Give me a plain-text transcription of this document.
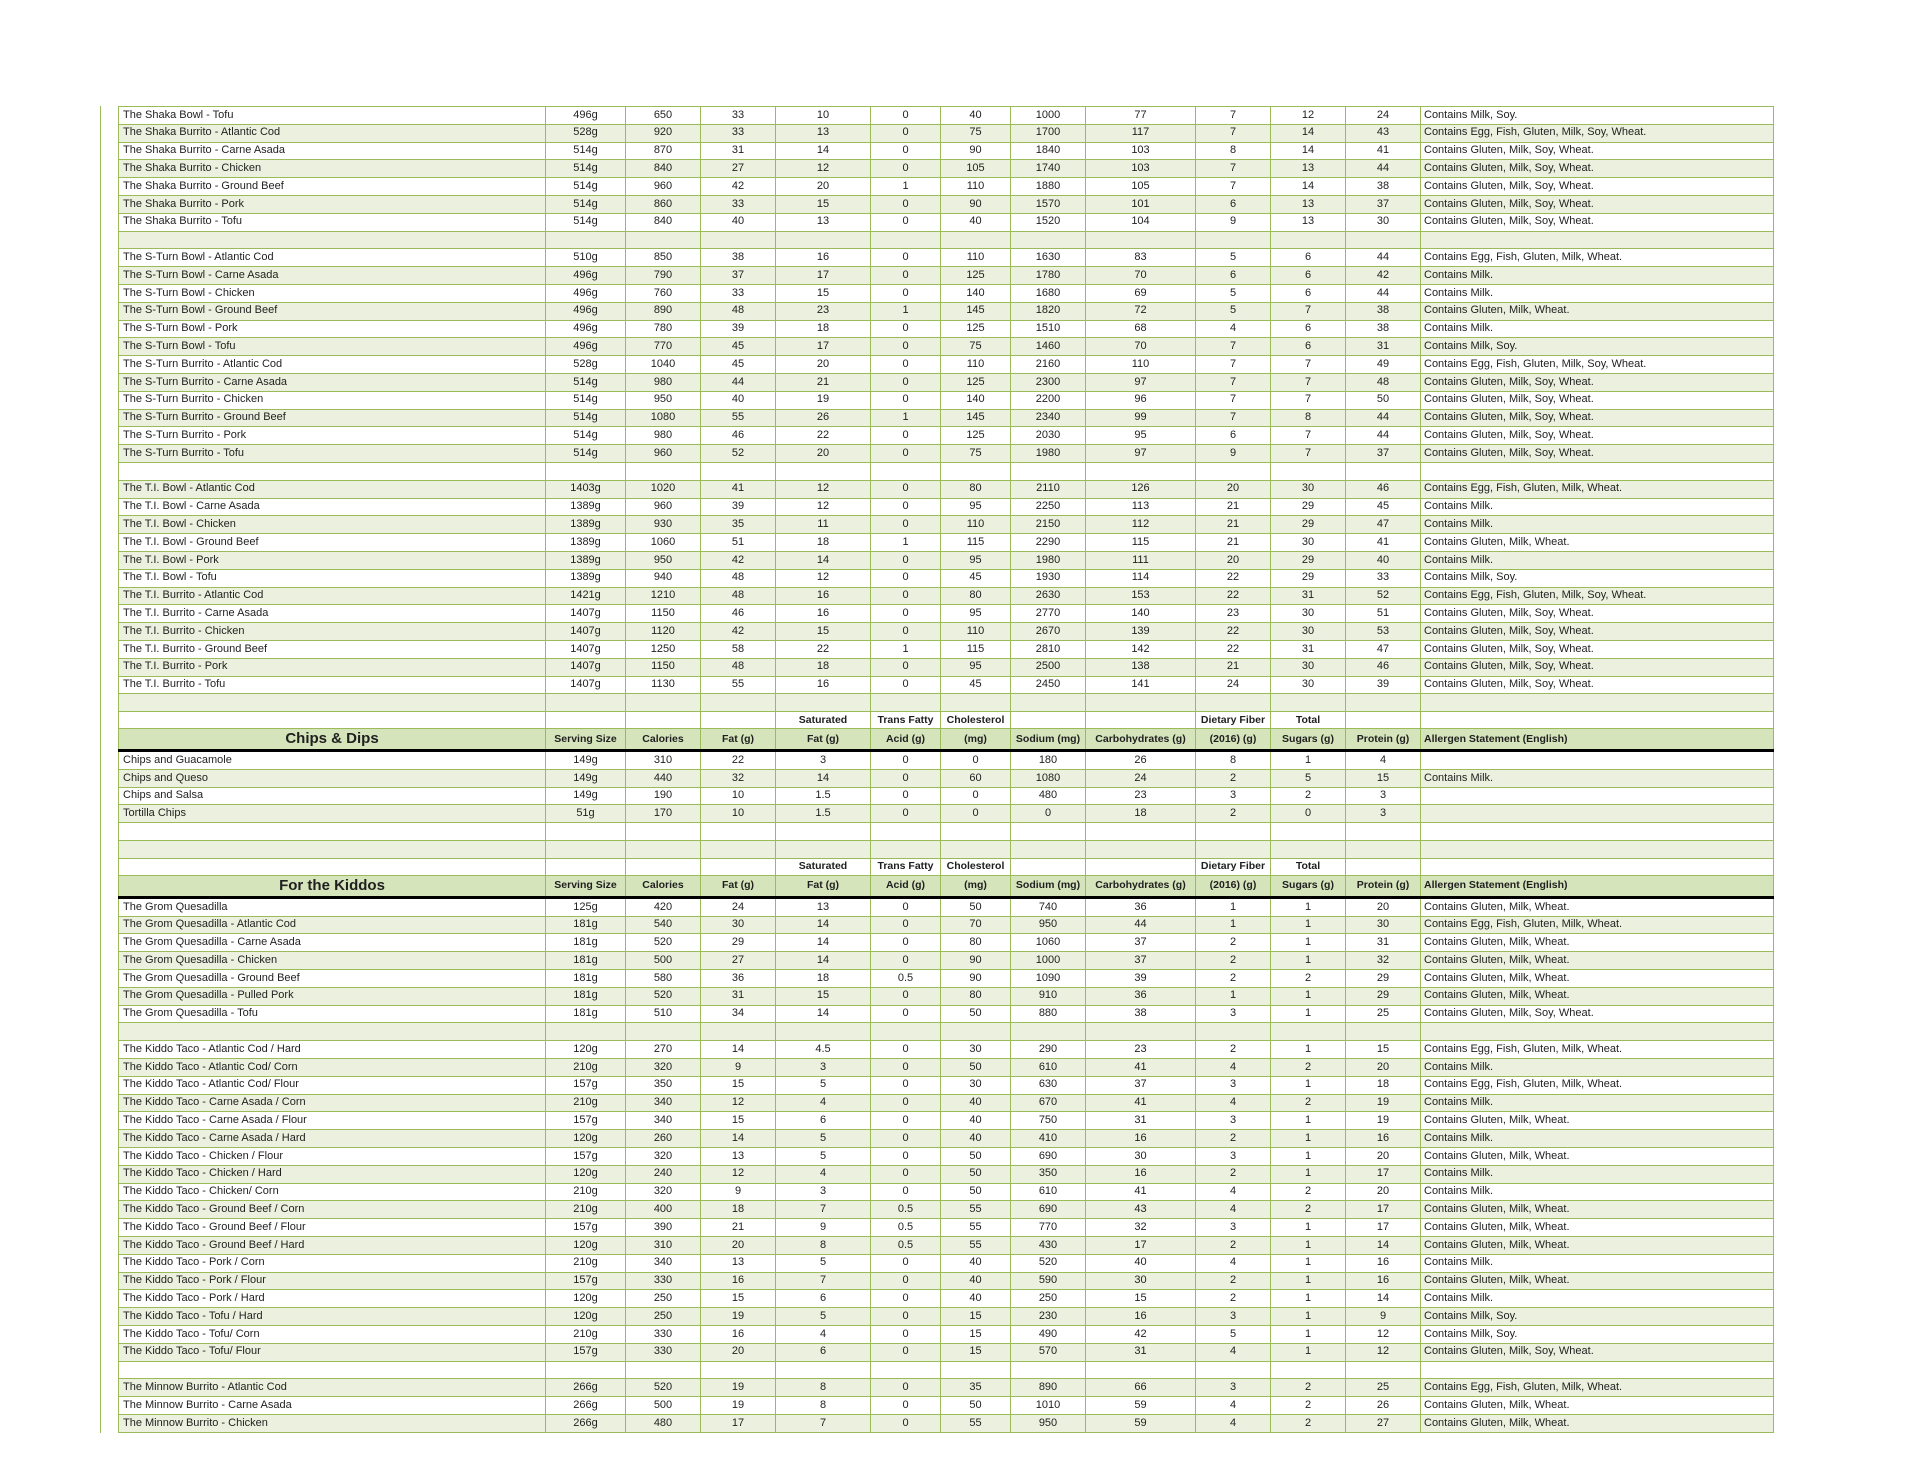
	The Shaka Bowl - Tofu	496g	650	33	10	0	40	1000	77	7	12	24	Contains Milk, Soy.
	The Shaka Burrito - Atlantic Cod	528g	920	33	13	0	75	1700	117	7	14	43	Contains Egg, Fish, Gluten, Milk, Soy, Wheat.
	The Shaka Burrito - Carne Asada	514g	870	31	14	0	90	1840	103	8	14	41	Contains Gluten, Milk, Soy, Wheat.
	The Shaka Burrito - Chicken	514g	840	27	12	0	105	1740	103	7	13	44	Contains Gluten, Milk, Soy, Wheat.
	The Shaka Burrito - Ground Beef	514g	960	42	20	1	110	1880	105	7	14	38	Contains Gluten, Milk, Soy, Wheat.
	The Shaka Burrito - Pork	514g	860	33	15	0	90	1570	101	6	13	37	Contains Gluten, Milk, Soy, Wheat.
	The Shaka Burrito - Tofu	514g	840	40	13	0	40	1520	104	9	13	30	Contains Gluten, Milk, Soy, Wheat.

	The S-Turn Bowl - Atlantic Cod	510g	850	38	16	0	110	1630	83	5	6	44	Contains Egg, Fish, Gluten, Milk, Wheat.
	The S-Turn Bowl - Carne Asada	496g	790	37	17	0	125	1780	70	6	6	42	Contains Milk.
	The S-Turn Bowl - Chicken	496g	760	33	15	0	140	1680	69	5	6	44	Contains Milk.
	The S-Turn Bowl - Ground Beef	496g	890	48	23	1	145	1820	72	5	7	38	Contains Gluten, Milk, Wheat.
	The S-Turn Bowl - Pork	496g	780	39	18	0	125	1510	68	4	6	38	Contains Milk.
	The S-Turn Bowl - Tofu	496g	770	45	17	0	75	1460	70	7	6	31	Contains Milk, Soy.
	The S-Turn Burrito - Atlantic Cod	528g	1040	45	20	0	110	2160	110	7	7	49	Contains Egg, Fish, Gluten, Milk, Soy, Wheat.
	The S-Turn Burrito - Carne Asada	514g	980	44	21	0	125	2300	97	7	7	48	Contains Gluten, Milk, Soy, Wheat.
	The S-Turn Burrito - Chicken	514g	950	40	19	0	140	2200	96	7	7	50	Contains Gluten, Milk, Soy, Wheat.
	The S-Turn Burrito - Ground Beef	514g	1080	55	26	1	145	2340	99	7	8	44	Contains Gluten, Milk, Soy, Wheat.
	The S-Turn Burrito - Pork	514g	980	46	22	0	125	2030	95	6	7	44	Contains Gluten, Milk, Soy, Wheat.
	The S-Turn Burrito - Tofu	514g	960	52	20	0	75	1980	97	9	7	37	Contains Gluten, Milk, Soy, Wheat.

	The T.I. Bowl - Atlantic Cod	1403g	1020	41	12	0	80	2110	126	20	30	46	Contains Egg, Fish, Gluten, Milk, Wheat.
	The T.I. Bowl - Carne Asada	1389g	960	39	12	0	95	2250	113	21	29	45	Contains Milk.
	The T.I. Bowl - Chicken	1389g	930	35	11	0	110	2150	112	21	29	47	Contains Milk.
	The T.I. Bowl - Ground Beef	1389g	1060	51	18	1	115	2290	115	21	30	41	Contains Gluten, Milk, Wheat.
	The T.I. Bowl - Pork	1389g	950	42	14	0	95	1980	111	20	29	40	Contains Milk.
	The T.I. Bowl - Tofu	1389g	940	48	12	0	45	1930	114	22	29	33	Contains Milk, Soy.
	The T.I. Burrito - Atlantic Cod	1421g	1210	48	16	0	80	2630	153	22	31	52	Contains Egg, Fish, Gluten, Milk, Soy, Wheat.
	The T.I. Burrito - Carne Asada	1407g	1150	46	16	0	95	2770	140	23	30	51	Contains Gluten, Milk, Soy, Wheat.
	The T.I. Burrito - Chicken	1407g	1120	42	15	0	110	2670	139	22	30	53	Contains Gluten, Milk, Soy, Wheat.
	The T.I. Burrito - Ground Beef	1407g	1250	58	22	1	115	2810	142	22	31	47	Contains Gluten, Milk, Soy, Wheat.
	The T.I. Burrito - Pork	1407g	1150	48	18	0	95	2500	138	21	30	46	Contains Gluten, Milk, Soy, Wheat.
	The T.I. Burrito - Tofu	1407g	1130	55	16	0	45	2450	141	24	30	39	Contains Gluten, Milk, Soy, Wheat.

					Saturated	Trans Fatty	Cholesterol			Dietary Fiber	Total		
	Chips & Dips	Serving Size	Calories	Fat (g)	Fat (g)	Acid (g)	(mg)	Sodium (mg)	Carbohydrates (g)	(2016) (g)	Sugars (g)	Protein (g)	Allergen Statement (English)
	Chips and Guacamole	149g	310	22	3	0	0	180	26	8	1	4	
	Chips and Queso	149g	440	32	14	0	60	1080	24	2	5	15	Contains Milk.
	Chips and Salsa	149g	190	10	1.5	0	0	480	23	3	2	3	
	Tortilla Chips	51g	170	10	1.5	0	0	0	18	2	0	3	

					Saturated	Trans Fatty	Cholesterol			Dietary Fiber	Total		
	For the Kiddos	Serving Size	Calories	Fat (g)	Fat (g)	Acid (g)	(mg)	Sodium (mg)	Carbohydrates (g)	(2016) (g)	Sugars (g)	Protein (g)	Allergen Statement (English)
	The Grom Quesadilla	125g	420	24	13	0	50	740	36	1	1	20	Contains Gluten, Milk, Wheat.
	The Grom Quesadilla - Atlantic Cod	181g	540	30	14	0	70	950	44	1	1	30	Contains Egg, Fish, Gluten, Milk, Wheat.
	The Grom Quesadilla - Carne Asada	181g	520	29	14	0	80	1060	37	2	1	31	Contains Gluten, Milk, Wheat.
	The Grom Quesadilla - Chicken	181g	500	27	14	0	90	1000	37	2	1	32	Contains Gluten, Milk, Wheat.
	The Grom Quesadilla - Ground Beef	181g	580	36	18	0.5	90	1090	39	2	2	29	Contains Gluten, Milk, Wheat.
	The Grom Quesadilla - Pulled Pork	181g	520	31	15	0	80	910	36	1	1	29	Contains Gluten, Milk, Wheat.
	The Grom Quesadilla - Tofu	181g	510	34	14	0	50	880	38	3	1	25	Contains Gluten, Milk, Soy, Wheat.

	The Kiddo Taco - Atlantic Cod / Hard	120g	270	14	4.5	0	30	290	23	2	1	15	Contains Egg, Fish, Gluten, Milk, Wheat.
	The Kiddo Taco - Atlantic Cod/ Corn	210g	320	9	3	0	50	610	41	4	2	20	Contains Milk.
	The Kiddo Taco - Atlantic Cod/ Flour	157g	350	15	5	0	30	630	37	3	1	18	Contains Egg, Fish, Gluten, Milk, Wheat.
	The Kiddo Taco - Carne Asada / Corn	210g	340	12	4	0	40	670	41	4	2	19	Contains Milk.
	The Kiddo Taco - Carne Asada / Flour	157g	340	15	6	0	40	750	31	3	1	19	Contains Gluten, Milk, Wheat.
	The Kiddo Taco - Carne Asada / Hard	120g	260	14	5	0	40	410	16	2	1	16	Contains Milk.
	The Kiddo Taco - Chicken / Flour	157g	320	13	5	0	50	690	30	3	1	20	Contains Gluten, Milk, Wheat.
	The Kiddo Taco - Chicken / Hard	120g	240	12	4	0	50	350	16	2	1	17	Contains Milk.
	The Kiddo Taco - Chicken/ Corn	210g	320	9	3	0	50	610	41	4	2	20	Contains Milk.
	The Kiddo Taco - Ground Beef / Corn	210g	400	18	7	0.5	55	690	43	4	2	17	Contains Gluten, Milk, Wheat.
	The Kiddo Taco - Ground Beef / Flour	157g	390	21	9	0.5	55	770	32	3	1	17	Contains Gluten, Milk, Wheat.
	The Kiddo Taco - Ground Beef / Hard	120g	310	20	8	0.5	55	430	17	2	1	14	Contains Gluten, Milk, Wheat.
	The Kiddo Taco - Pork / Corn	210g	340	13	5	0	40	520	40	4	1	16	Contains Milk.
	The Kiddo Taco - Pork / Flour	157g	330	16	7	0	40	590	30	2	1	16	Contains Gluten, Milk, Wheat.
	The Kiddo Taco - Pork / Hard	120g	250	15	6	0	40	250	15	2	1	14	Contains Milk.
	The Kiddo Taco - Tofu / Hard	120g	250	19	5	0	15	230	16	3	1	9	Contains Milk, Soy.
	The Kiddo Taco - Tofu/ Corn	210g	330	16	4	0	15	490	42	5	1	12	Contains Milk, Soy.
	The Kiddo Taco - Tofu/ Flour	157g	330	20	6	0	15	570	31	4	1	12	Contains Gluten, Milk, Soy, Wheat.

	The Minnow Burrito - Atlantic Cod	266g	520	19	8	0	35	890	66	3	2	25	Contains Egg, Fish, Gluten, Milk, Wheat.
	The Minnow Burrito - Carne Asada	266g	500	19	8	0	50	1010	59	4	2	26	Contains Gluten, Milk, Wheat.
	The Minnow Burrito - Chicken	266g	480	17	7	0	55	950	59	4	2	27	Contains Gluten, Milk, Wheat.
